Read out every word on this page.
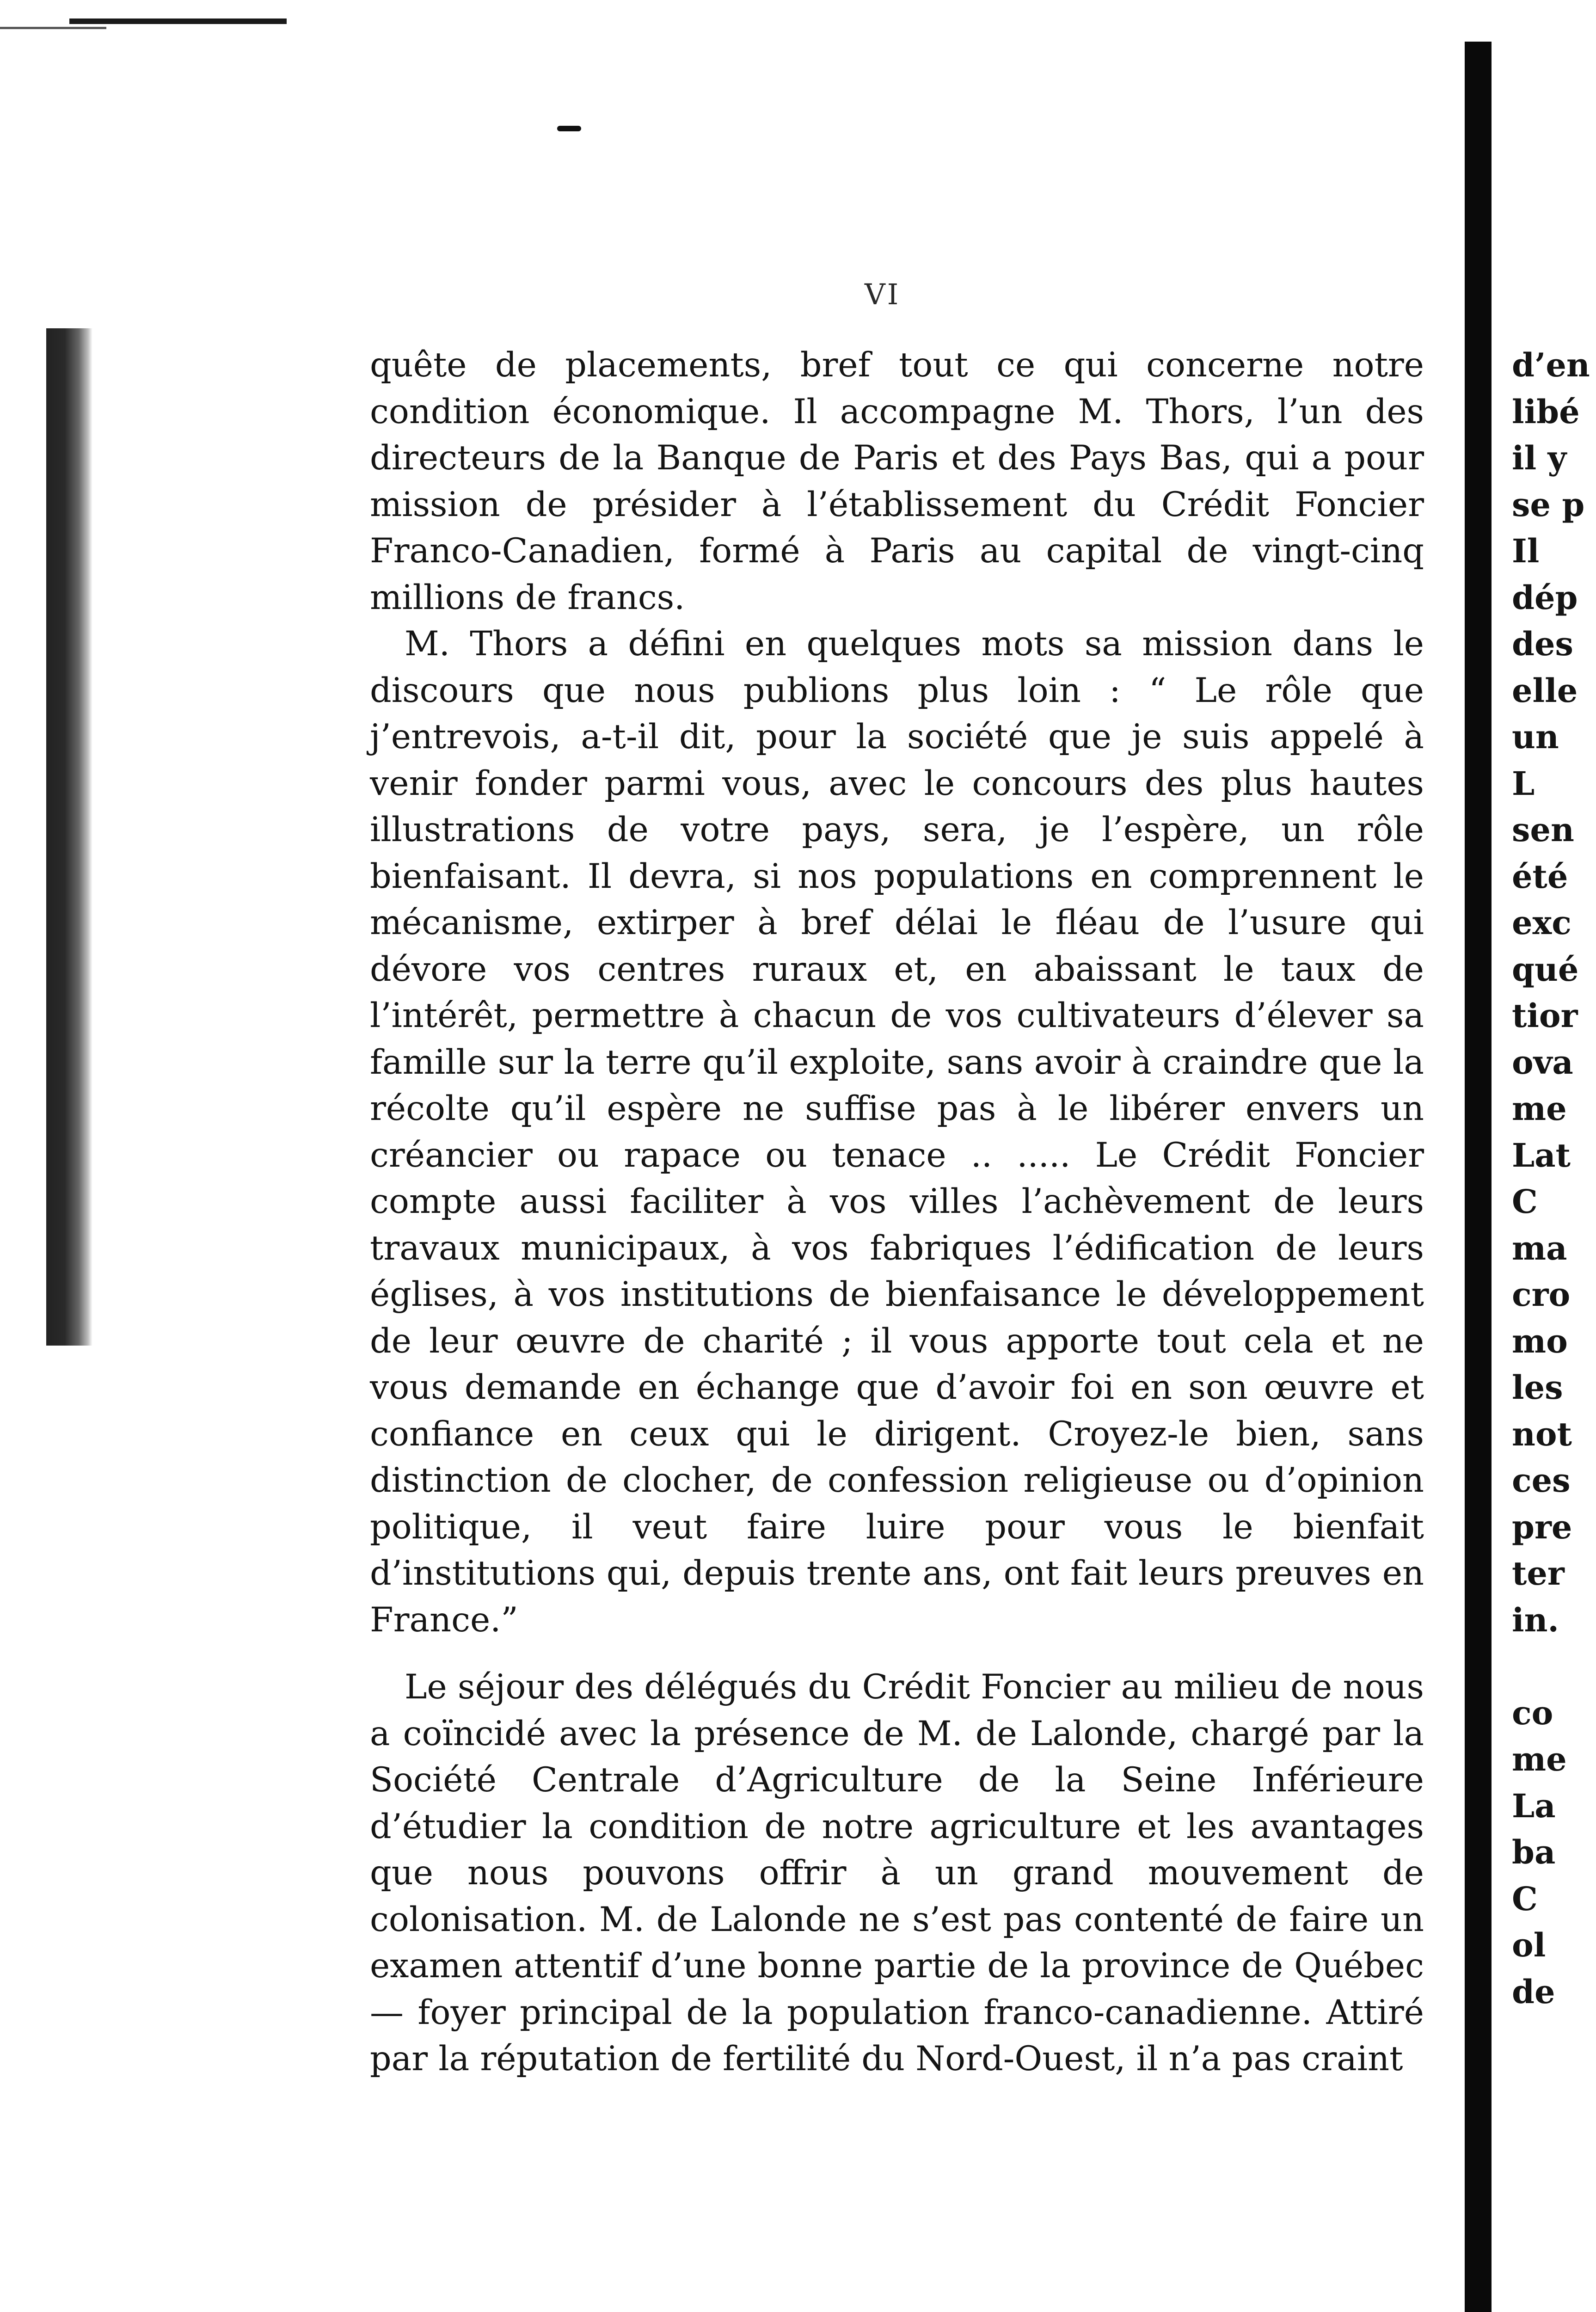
VI

quête de placements, bref tout ce qui concerne notre condition économique. Il accompagne M. Thors, l’un des directeurs de la Banque de Paris et des Pays Bas, qui a pour mission de présider à l’établissement du Crédit Foncier Franco-Canadien, formé à Paris au capital de vingt-cinq millions de francs.

M. Thors a défini en quelques mots sa mission dans le discours que nous publions plus loin : “ Le rôle que j’entrevois, a-t-il dit, pour la société que je suis appelé à venir fonder parmi vous, avec le concours des plus hautes illustrations de votre pays, sera, je l’espère, un rôle bienfaisant. Il devra, si nos populations en comprennent le mécanisme, extirper à bref délai le fléau de l’usure qui dévore vos centres ruraux et, en abaissant le taux de l’intérêt, permettre à chacun de vos cultivateurs d’élever sa famille sur la terre qu’il exploite, sans avoir à craindre que la récolte qu’il espère ne suffise pas à le libérer envers un créancier ou rapace ou tenace .. ..... Le Crédit Foncier compte aussi faciliter à vos villes l’achèvement de leurs travaux municipaux, à vos fabriques l’édification de leurs églises, à vos institutions de bienfaisance le développement de leur œuvre de charité ; il vous apporte tout cela et ne vous demande en échange que d’avoir foi en son œuvre et confiance en ceux qui le dirigent. Croyez-le bien, sans distinction de clocher, de confession religieuse ou d’opinion politique, il veut faire luire pour vous le bienfait d’institutions qui, depuis trente ans, ont fait leurs preuves en France.”

Le séjour des délégués du Crédit Foncier au milieu de nous a coïncidé avec la présence de M. de Lalonde, chargé par la Société Centrale d’Agriculture de la Seine Inférieure d’étudier la condition de notre agriculture et les avantages que nous pouvons offrir à un grand mouvement de colonisation. M. de Lalonde ne s’est pas contenté de faire un examen attentif d’une bonne partie de la province de Québec — foyer principal de la population franco-canadienne. Attiré par la réputation de fertilité du Nord-Ouest, il n’a pas craint

d’en
libé
il y
se p
Il
dép
des
elle
un
L
sen
été
exc
qué
tior
ova
me
Lat
C
ma
cro
mo
les
not
ces
pre
ter
in.
co
me
La
ba
C
ol
de
